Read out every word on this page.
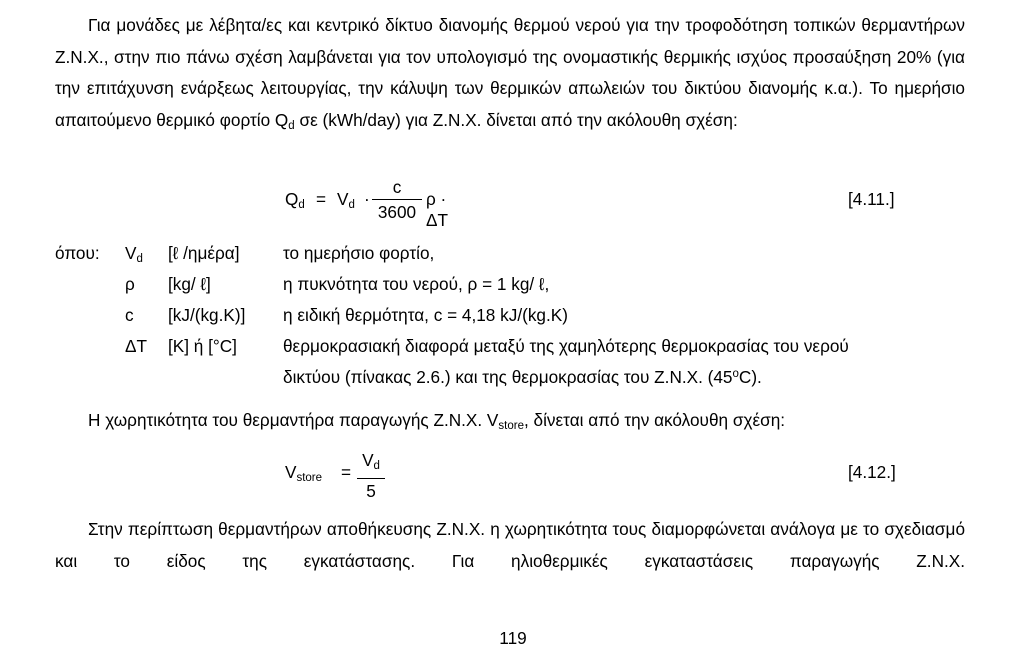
Για μονάδες με λέβητα/ες και κεντρικό δίκτυο διανομής θερμού νερού για την τροφοδότηση τοπικών θερμαντήρων Ζ.Ν.Χ., στην πιο πάνω σχέση λαμβάνεται για τον υπολογισμό της ονομαστικής θερμικής ισχύος προσαύξηση 20% (για την επιτάχυνση ενάρξεως λειτουργίας, την κάλυψη των θερμικών απωλειών του δικτύου διανομής κ.α.). Το ημερήσιο απαιτούμενο θερμικό φορτίο $Q_d$ σε (kWh/day) για Ζ.Ν.Χ. δίνεται από την ακόλουθη σχέση:

$Q_d = V_d$ ·
c
3600
ρ · ΔT
[4.11.]
όπου: $V_d$ [ℓ /ημέρα]	το ημερήσιο φορτίο,
ρ [kg/ ℓ]	η πυκνότητα του νερού, ρ = 1 kg/ ℓ,
c [kJ/(kg.K)] η ειδική θερμότητα, c = 4,18 kJ/(kg.K)
ΔT [K] ή [°C]	θερμοκρασιακή διαφορά μεταξύ της χαμηλότερης θερμοκρασίας του νερού
δικτύου (πίνακας 2.6.) και της θερμοκρασίας του Ζ.Ν.Χ. (45$^o$C).

Η χωρητικότητα του θερμαντήρα παραγωγής Ζ.Ν.Χ. $V_{store}$, δίνεται από την ακόλουθη σχέση:

$V_{store}$ =
$V_d$
5
[4.12.]

Στην περίπτωση θερμαντήρων αποθήκευσης Ζ.Ν.Χ. η χωρητικότητα τους διαμορφώνεται ανάλογα με το σχεδιασμό και το είδος της εγκατάστασης. Για ηλιοθερμικές εγκαταστάσεις παραγωγής Ζ.Ν.Χ.

119
